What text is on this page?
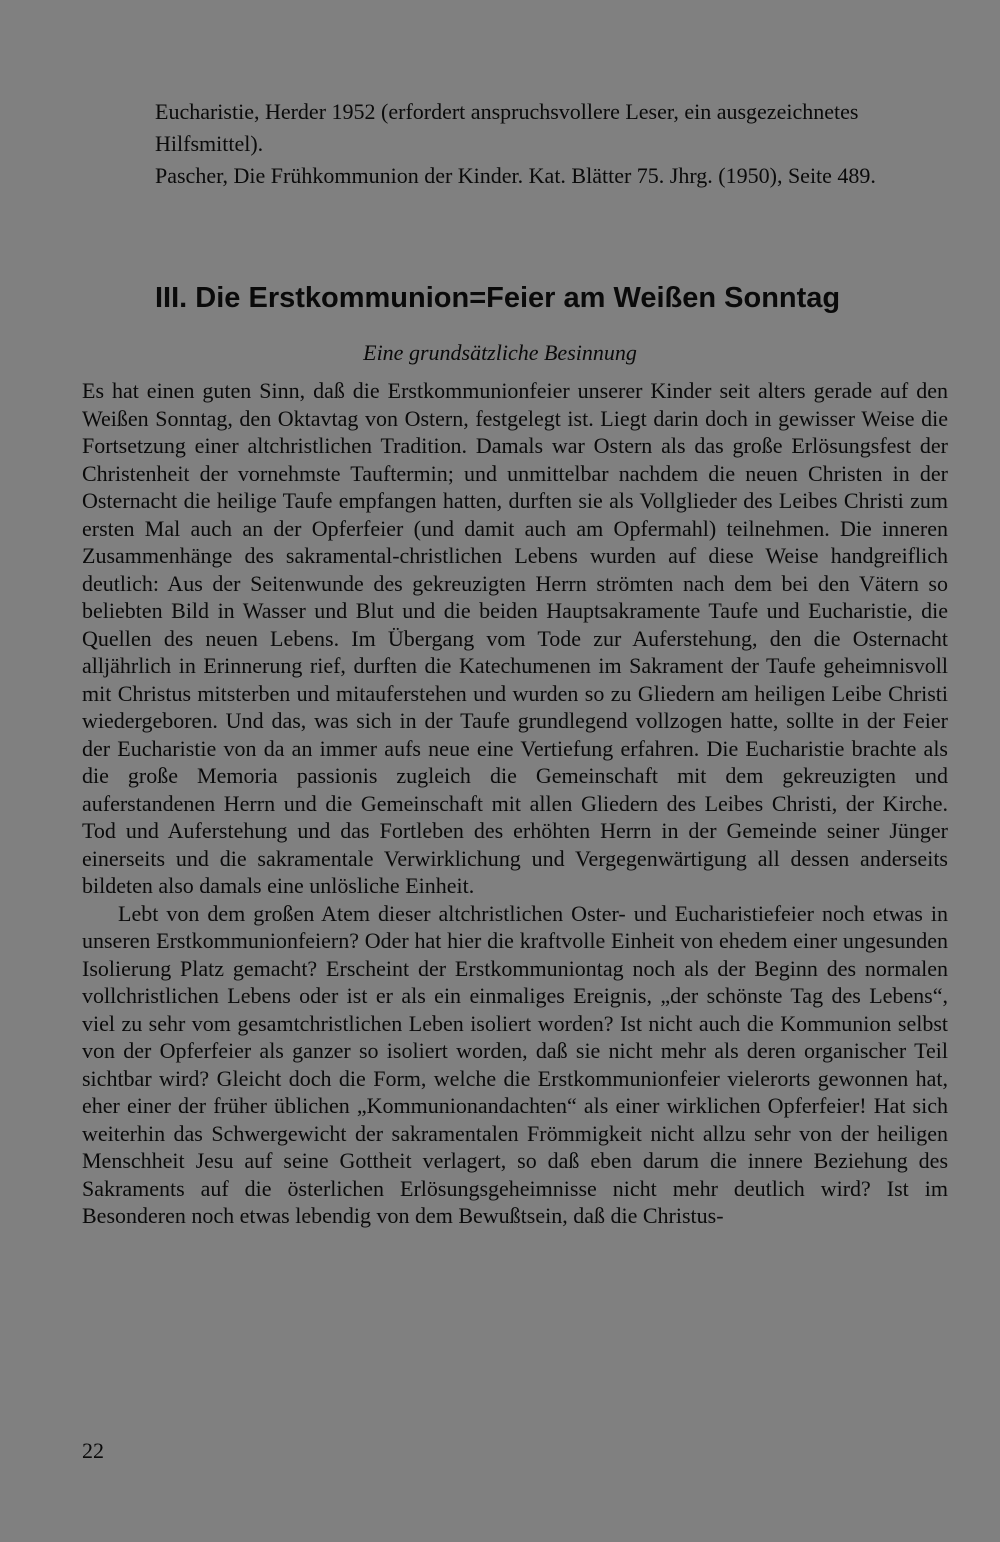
Eucharistie, Herder 1952 (erfordert anspruchsvollere Leser, ein ausgezeichnetes Hilfsmittel).

Pascher, Die Frühkommunion der Kinder. Kat. Blätter 75. Jhrg. (1950), Seite 489.

III. Die Erstkommunion=Feier am Weißen Sonntag
Eine grundsätzliche Besinnung

Es hat einen guten Sinn, daß die Erstkommunionfeier unserer Kinder seit alters gerade auf den Weißen Sonntag, den Oktavtag von Ostern, festgelegt ist. Liegt darin doch in gewisser Weise die Fortsetzung einer altchristlichen Tradition. Damals war Ostern als das große Erlösungsfest der Christenheit der vornehmste Tauftermin; und unmittelbar nachdem die neuen Christen in der Osternacht die heilige Taufe empfangen hatten, durften sie als Vollglieder des Leibes Christi zum ersten Mal auch an der Opferfeier (und damit auch am Opfermahl) teilnehmen. Die inneren Zusammenhänge des sakramental-christlichen Lebens wurden auf diese Weise handgreiflich deutlich: Aus der Seitenwunde des gekreuzigten Herrn strömten nach dem bei den Vätern so beliebten Bild in Wasser und Blut und die beiden Hauptsakramente Taufe und Eucharistie, die Quellen des neuen Lebens. Im Übergang vom Tode zur Auferstehung, den die Osternacht alljährlich in Erinnerung rief, durften die Katechumenen im Sakrament der Taufe geheimnisvoll mit Christus mitsterben und mitauferstehen und wurden so zu Gliedern am heiligen Leibe Christi wiedergeboren. Und das, was sich in der Taufe grundlegend vollzogen hatte, sollte in der Feier der Eucharistie von da an immer aufs neue eine Vertiefung erfahren. Die Eucharistie brachte als die große Memoria passionis zugleich die Gemeinschaft mit dem gekreuzigten und auferstandenen Herrn und die Gemeinschaft mit allen Gliedern des Leibes Christi, der Kirche. Tod und Auferstehung und das Fortleben des erhöhten Herrn in der Gemeinde seiner Jünger einerseits und die sakramentale Verwirklichung und Vergegenwärtigung all dessen anderseits bildeten also damals eine unlösliche Einheit.

Lebt von dem großen Atem dieser altchristlichen Oster- und Eucharistiefeier noch etwas in unseren Erstkommunionfeiern? Oder hat hier die kraftvolle Einheit von ehedem einer ungesunden Isolierung Platz gemacht? Erscheint der Erstkommuniontag noch als der Beginn des normalen vollchristlichen Lebens oder ist er als ein einmaliges Ereignis, „der schönste Tag des Lebens“, viel zu sehr vom gesamtchristlichen Leben isoliert worden? Ist nicht auch die Kommunion selbst von der Opferfeier als ganzer so isoliert worden, daß sie nicht mehr als deren organischer Teil sichtbar wird? Gleicht doch die Form, welche die Erstkommunionfeier vielerorts gewonnen hat, eher einer der früher üblichen „Kommunionandachten“ als einer wirklichen Opferfeier! Hat sich weiterhin das Schwergewicht der sakramentalen Frömmigkeit nicht allzu sehr von der heiligen Menschheit Jesu auf seine Gottheit verlagert, so daß eben darum die innere Beziehung des Sakraments auf die österlichen Erlösungsgeheimnisse nicht mehr deutlich wird? Ist im Besonderen noch etwas lebendig von dem Bewußtsein, daß die Christus-

22
